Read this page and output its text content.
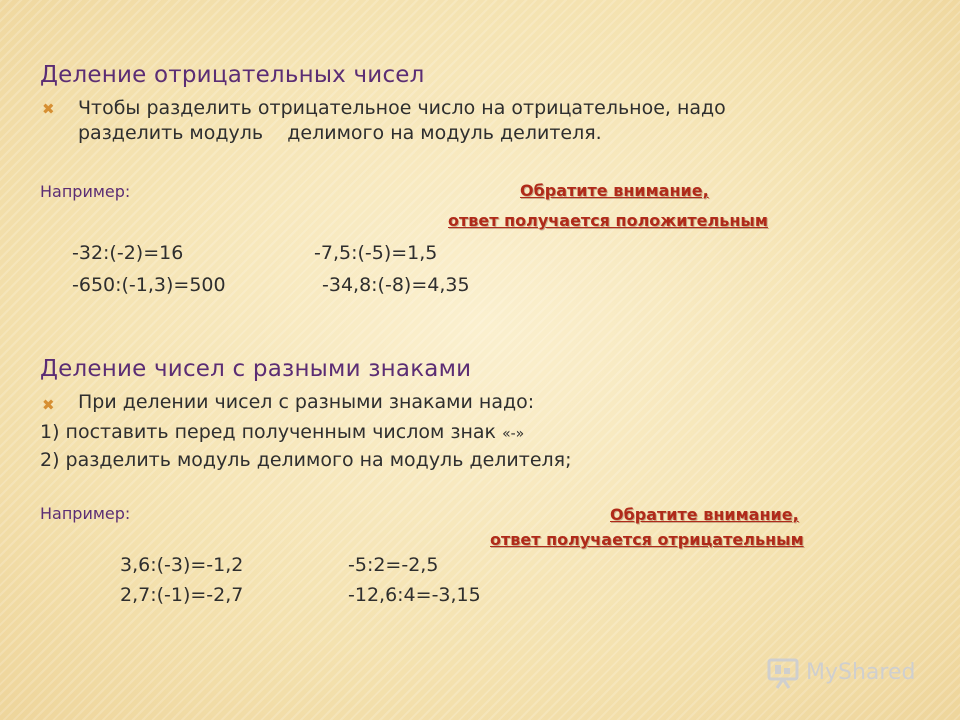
Деление отрицательных чисел
✖ Чтобы разделить отрицательное число на отрицательное, надо
разделить модуль    делимого на модуль делителя.
Например:	Обратите внимание,
ответ получается положительным
-32:(-2)=16	-7,5:(-5)=1,5
-650:(-1,3)=500	-34,8:(-8)=4,35
Деление чисел с разными знаками
✖ При делении чисел с разными знаками надо:
1) поставить перед полученным числом знак «-»
2) разделить модуль делимого на модуль делителя;
Например:	Обратите внимание,
ответ получается отрицательным
3,6:(-3)=-1,2	-5:2=-2,5
2,7:(-1)=-2,7	-12,6:4=-3,15
MyShared
